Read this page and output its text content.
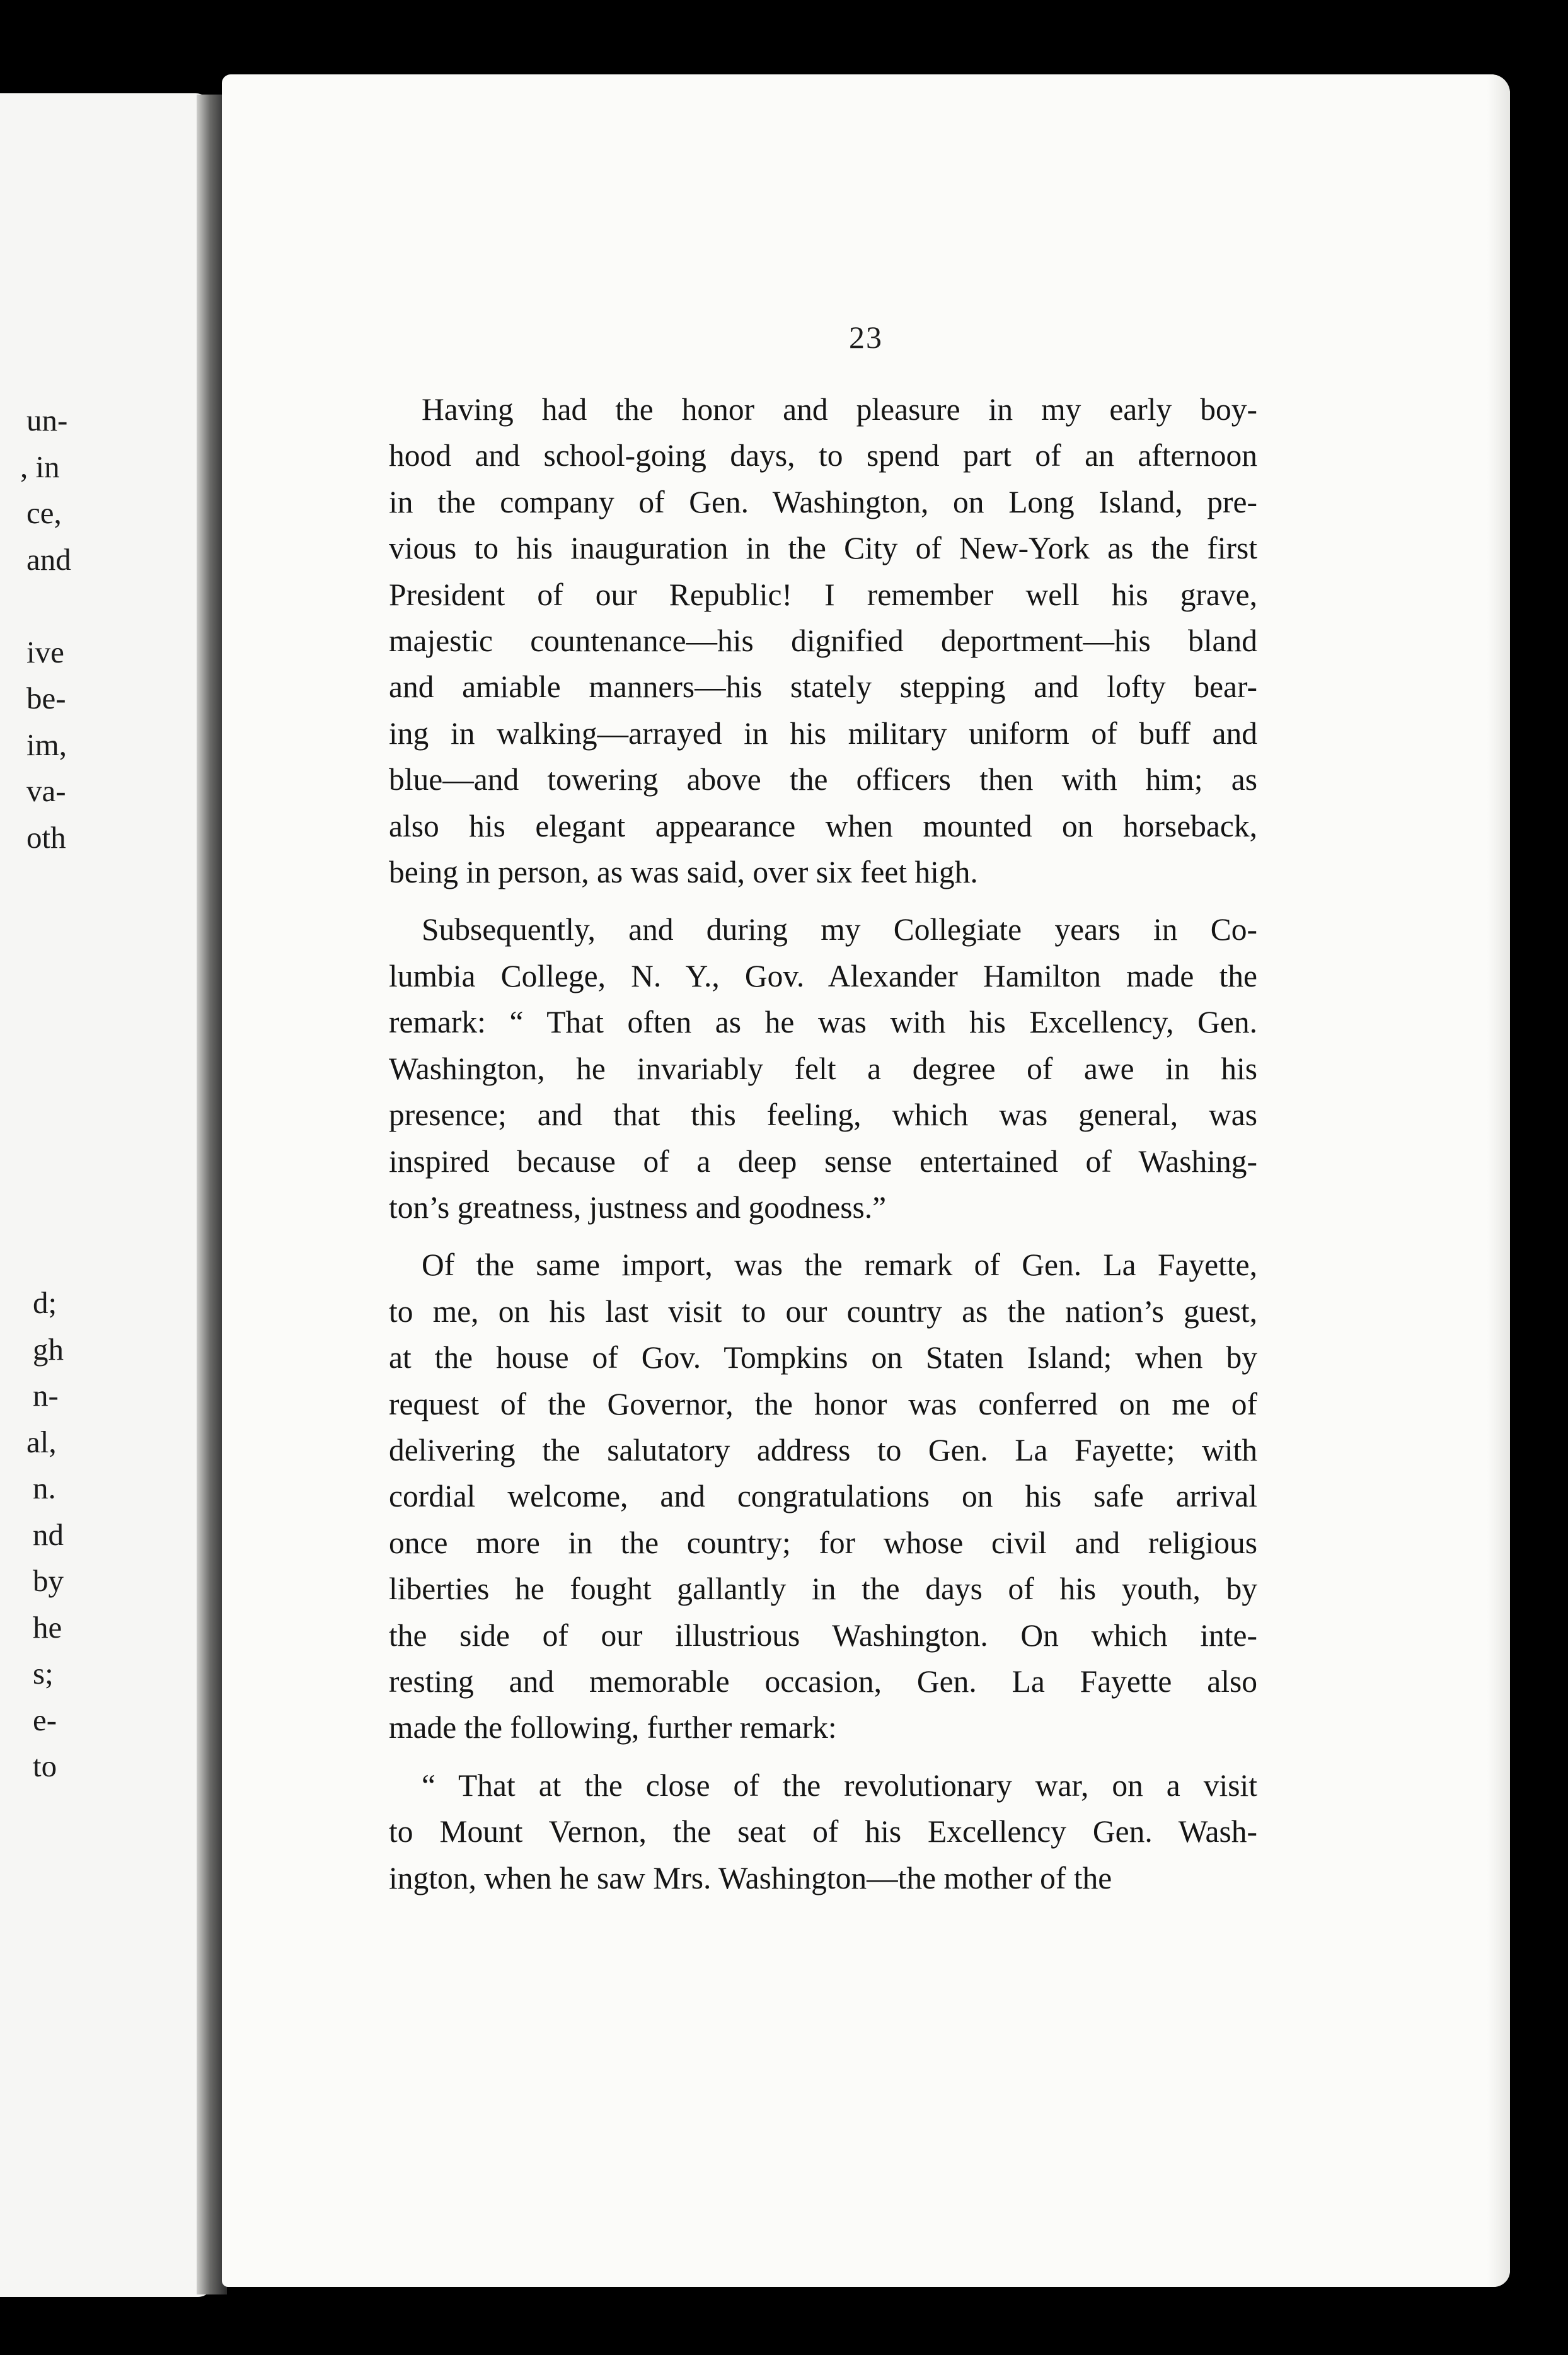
un-
, in
ce,
and
ive
be-
im,
va-
oth
d;
gh
n-
al,
n.
nd
by
he
s;
e-
to
23
Having had the honor and pleasure in my early boy-
hood and school-going days, to spend part of an afternoon
in the company of Gen. Washington, on Long Island, pre-
vious to his inauguration in the City of New-York as the first
President of our Republic! I remember well his grave,
majestic countenance—his dignified deportment—his bland
and amiable manners—his stately stepping and lofty bear-
ing in walking—arrayed in his military uniform of buff and
blue—and towering above the officers then with him; as
also his elegant appearance when mounted on horseback,
being in person, as was said, over six feet high.
Subsequently, and during my Collegiate years in Co-
lumbia College, N. Y., Gov. Alexander Hamilton made the
remark: “ That often as he was with his Excellency, Gen.
Washington, he invariably felt a degree of awe in his
presence; and that this feeling, which was general, was
inspired because of a deep sense entertained of Washing-
ton’s greatness, justness and goodness.”
Of the same import, was the remark of Gen. La Fayette,
to me, on his last visit to our country as the nation’s guest,
at the house of Gov. Tompkins on Staten Island; when by
request of the Governor, the honor was conferred on me of
delivering the salutatory address to Gen. La Fayette; with
cordial welcome, and congratulations on his safe arrival
once more in the country; for whose civil and religious
liberties he fought gallantly in the days of his youth, by
the side of our illustrious Washington. On which inte-
resting and memorable occasion, Gen. La Fayette also
made the following, further remark:
“ That at the close of the revolutionary war, on a visit
to Mount Vernon, the seat of his Excellency Gen. Wash-
ington, when he saw Mrs. Washington—the mother of the
